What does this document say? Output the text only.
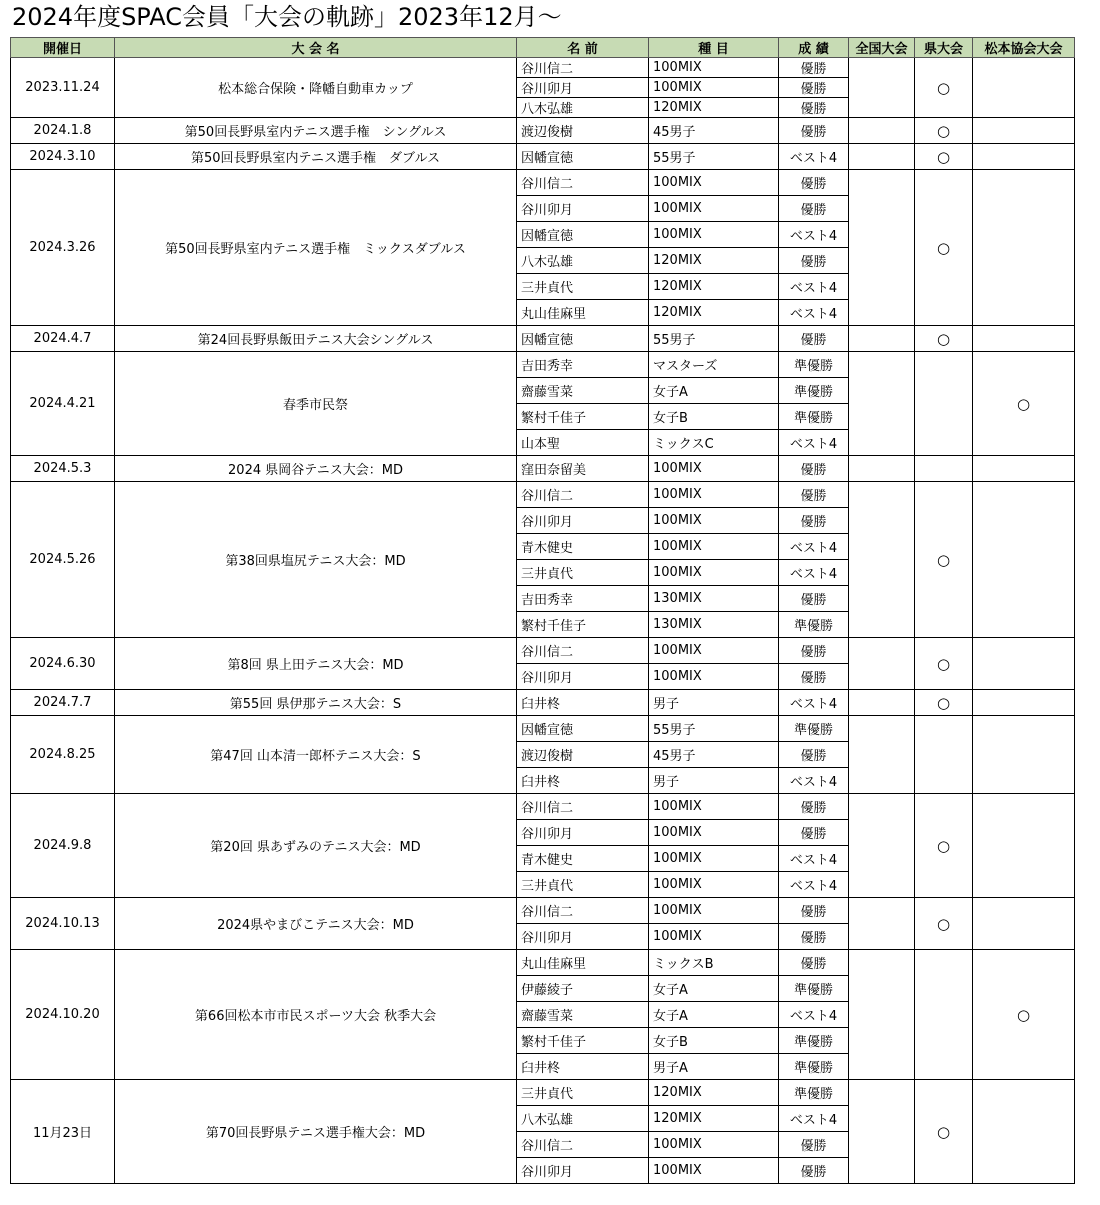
2024年度SPAC会員「大会の軌跡」2023年12月～
開催日	大 会 名	名 前	種 目	成 績	全国大会	県大会	松本協会大会
2023.11.24	松本総合保険・降幡自動車カップ	谷川信二	100MIX	優勝		○	
		谷川卯月	100MIX	優勝			
		八木弘雄	120MIX	優勝			
2024.1.8	第50回長野県室内テニス選手権　シングルス	渡辺俊樹	45男子	優勝		○	
2024.3.10	第50回長野県室内テニス選手権　ダブルス	因幡宣徳	55男子	ベスト4		○	
2024.3.26	第50回長野県室内テニス選手権　ミックスダブルス	谷川信二	100MIX	優勝		○	
		谷川卯月	100MIX	優勝			
		因幡宣徳	100MIX	ベスト4			
		八木弘雄	120MIX	優勝			
		三井貞代	120MIX	ベスト4			
		丸山佳麻里	120MIX	ベスト4			
2024.4.7	第24回長野県飯田テニス大会シングルス	因幡宣徳	55男子	優勝		○	
2024.4.21	春季市民祭	吉田秀幸	マスターズ	準優勝			○
		齋藤雪菜	女子A	準優勝			
		繁村千佳子	女子B	準優勝			
		山本聖	ミックスC	ベスト4			
2024.5.3	2024 県岡谷テニス大会：MD	窪田奈留美	100MIX	優勝			
2024.5.26	第38回県塩尻テニス大会：MD	谷川信二	100MIX	優勝		○	
		谷川卯月	100MIX	優勝			
		青木健史	100MIX	ベスト4			
		三井貞代	100MIX	ベスト4			
		吉田秀幸	130MIX	優勝			
		繁村千佳子	130MIX	準優勝			
2024.6.30	第8回 県上田テニス大会：MD	谷川信二	100MIX	優勝		○	
		谷川卯月	100MIX	優勝			
2024.7.7	第55回 県伊那テニス大会：S	臼井柊	男子	ベスト4		○	
2024.8.25	第47回 山本清一郎杯テニス大会：S	因幡宣徳	55男子	準優勝			
		渡辺俊樹	45男子	優勝			
		臼井柊	男子	ベスト4			
2024.9.8	第20回 県あずみのテニス大会：MD	谷川信二	100MIX	優勝		○	
		谷川卯月	100MIX	優勝			
		青木健史	100MIX	ベスト4			
		三井貞代	100MIX	ベスト4			
2024.10.13	2024県やまびこテニス大会：MD	谷川信二	100MIX	優勝		○	
		谷川卯月	100MIX	優勝			
2024.10.20	第66回松本市市民スポーツ大会 秋季大会	丸山佳麻里	ミックスB	優勝			○
		伊藤綾子	女子A	準優勝			
		齋藤雪菜	女子A	ベスト4			
		繁村千佳子	女子B	準優勝			
		臼井柊	男子A	準優勝			
11月23日	第70回長野県テニス選手権大会：MD	三井貞代	120MIX	準優勝		○	
		八木弘雄	120MIX	ベスト4			
		谷川信二	100MIX	優勝			
		谷川卯月	100MIX	優勝			
